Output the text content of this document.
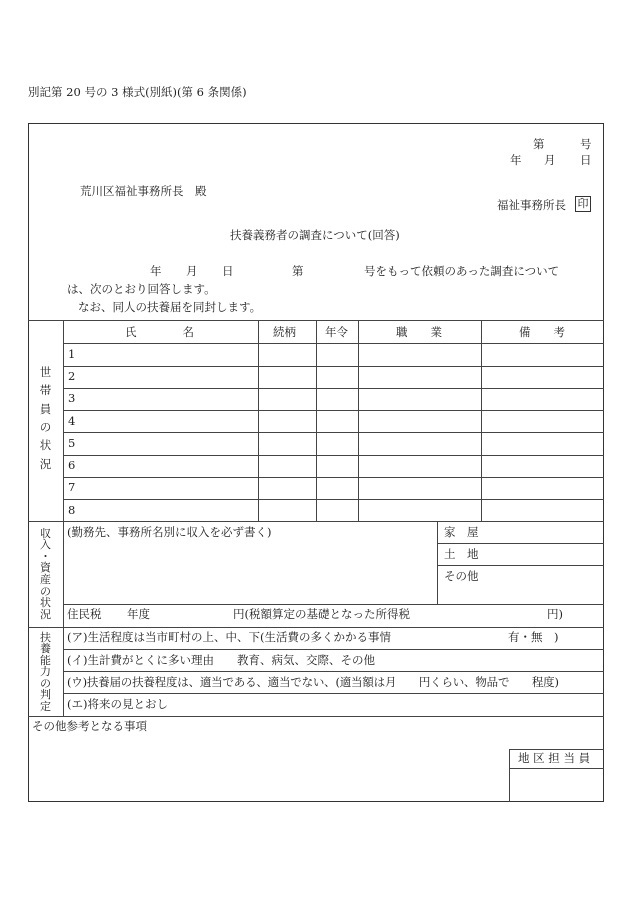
別記第 20 号の 3 様式(別紙)(第 6 条関係)
第	号
年 月 日
荒川区福祉事務所長　殿
福祉事務所長 印
扶養義務者の調査について(回答)
年 月 日	第	号をもって依頼のあった調査について
は、次のとおり回答します。
なお、同人の扶養届を同封します。
氏　　　　名	続柄	年令	職　　業	備　　考
1
2
3
4
5
6
7
8
世
帯
員
の
状
況
(勤務先、事務所名別に収入を必ず書く)	家　屋
土　地
その他
住民税 年度	円(税額算定の基礎となった所得税	円)
収
入
・
資
産
の
状
況
(ア)生活程度は当市町村の上、中、下(生活費の多くかかる事情	有・無　)
(イ)生計費がとくに多い理由　　教育、病気、交際、その他
(ウ)扶養届の扶養程度は、適当である、適当でない、(適当額は月　　円くらい、物品で　　程度)
(エ)将来の見とおし
扶
養
能
力
の
判
定
その他参考となる事項
地 区 担 当 員
